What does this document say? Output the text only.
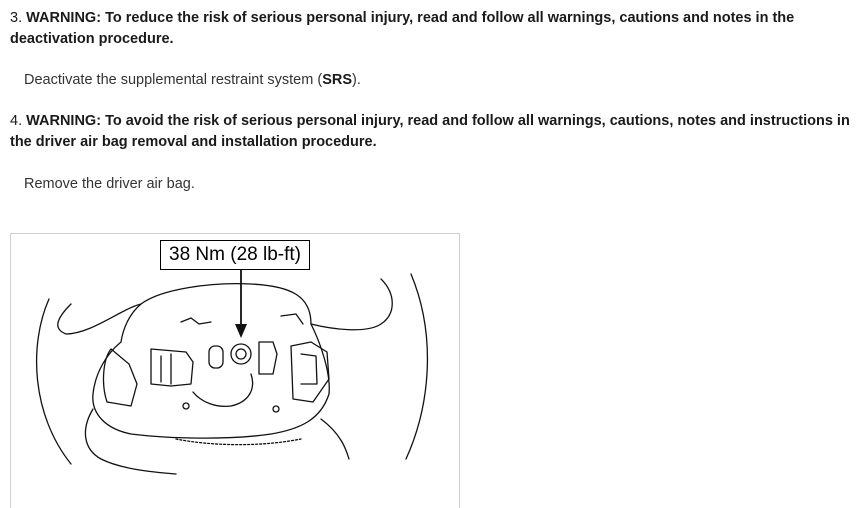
3. WARNING: To reduce the risk of serious personal injury, read and follow all warnings, cautions and notes in the deactivation procedure.
Deactivate the supplemental restraint system (SRS).
4. WARNING: To avoid the risk of serious personal injury, read and follow all warnings, cautions, notes and instructions in the driver air bag removal and installation procedure.
Remove the driver air bag.
38 Nm (28 lb-ft)
